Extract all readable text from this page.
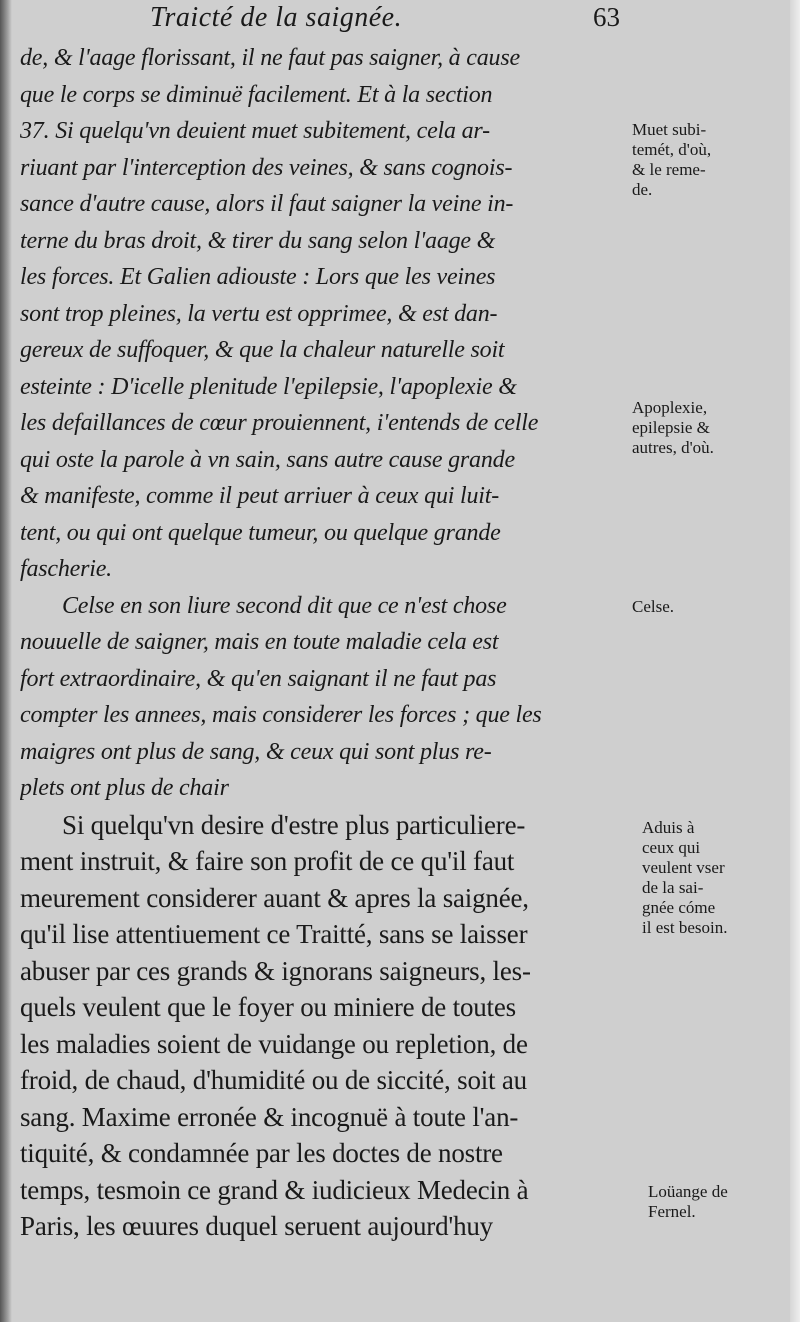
Traicté de la saignée.	63
de, & l'aage florissant, il ne faut pas saigner, à cause
que le corps se diminuë facilement. Et à la section
37. Si quelqu'vn deuient muet subitement, cela ar-
riuant par l'interception des veines, & sans cognois-
sance d'autre cause, alors il faut saigner la veine in-
terne du bras droit, & tirer du sang selon l'aage &
les forces. Et Galien adiouste : Lors que les veines
sont trop pleines, la vertu est opprimee, & est dan-
gereux de suffoquer, & que la chaleur naturelle soit
esteinte : D'icelle plenitude l'epilepsie, l'apoplexie &
les defaillances de cœur prouiennent, i'entends de celle
qui oste la parole à vn sain, sans autre cause grande
& manifeste, comme il peut arriuer à ceux qui luit-
tent, ou qui ont quelque tumeur, ou quelque grande
fascherie.
Celse en son liure second dit que ce n'est chose
nouuelle de saigner, mais en toute maladie cela est
fort extraordinaire, & qu'en saignant il ne faut pas
compter les annees, mais considerer les forces ; que les
maigres ont plus de sang, & ceux qui sont plus re-
plets ont plus de chair
Si quelqu'vn desire d'estre plus particuliere-
ment instruit, & faire son profit de ce qu'il faut
meurement considerer auant & apres la saignée,
qu'il lise attentiuement ce Traitté, sans se laisser
abuser par ces grands & ignorans saigneurs, les-
quels veulent que le foyer ou miniere de toutes
les maladies soient de vuidange ou repletion, de
froid, de chaud, d'humidité ou de siccité, soit au
sang. Maxime erronée & incognuë à toute l'an-
tiquité, & condamnée par les doctes de nostre
temps, tesmoin ce grand & iudicieux Medecin à
Paris, les œuures duquel seruent aujourd'huy
Muet subi-
temét, d'où,
& le reme-
de.
Apoplexie,
epilepsie &
autres, d'où.
Celse.
Aduis à
ceux qui
veulent vser
de la sai-
gnée cóme
il est besoin.
Loüange de
Fernel.
